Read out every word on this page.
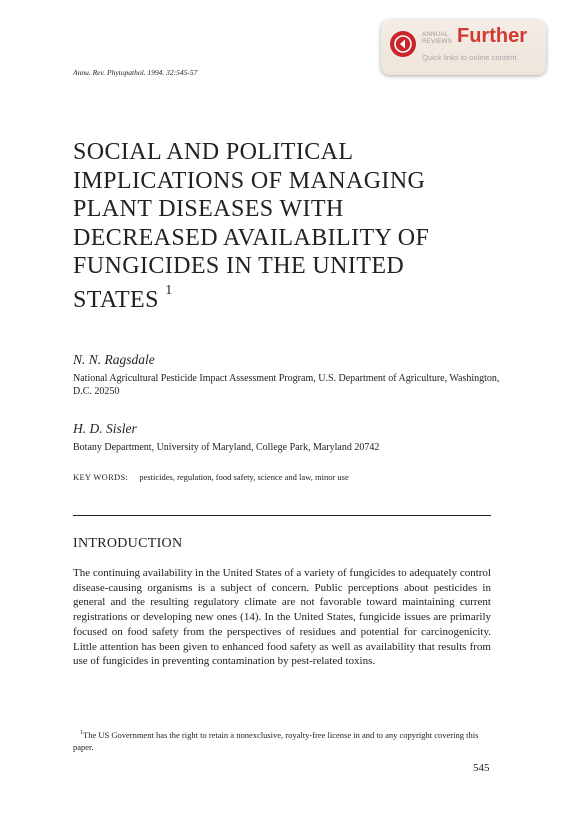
Annu. Rev. Phytopathol. 1994. 32:545-57
ANNUAL
REVIEWS Further
Quick links to online content
SOCIAL AND POLITICAL IMPLICATIONS OF MANAGING PLANT DISEASES WITH DECREASED AVAILABILITY OF FUNGICIDES IN THE UNITED STATES $^1$
N. N. Ragsdale
National Agricultural Pesticide Impact Assessment Program, U.S. Department of Agriculture, Washington, D.C. 20250
H. D. Sisler
Botany Department, University of Maryland, College Park, Maryland 20742
KEY WORDS: pesticides, regulation, food safety, science and law, minor use
INTRODUCTION
The continuing availability in the United States of a variety of fungicides to adequately control disease-causing organisms is a subject of concern. Public perceptions about pesticides in general and the resulting regulatory climate are not favorable toward maintaining current registrations or developing new ones (14). In the United States, fungicide issues are primarily focused on food safety from the perspectives of residues and potential for carcinogenicity. Little attention has been given to enhanced food safety as well as availability that results from use of fungicides in preventing contamination by pest-related toxins.
$^1$The US Government has the right to retain a nonexclusive, royalty-free license in and to any copyright covering this paper.
545
